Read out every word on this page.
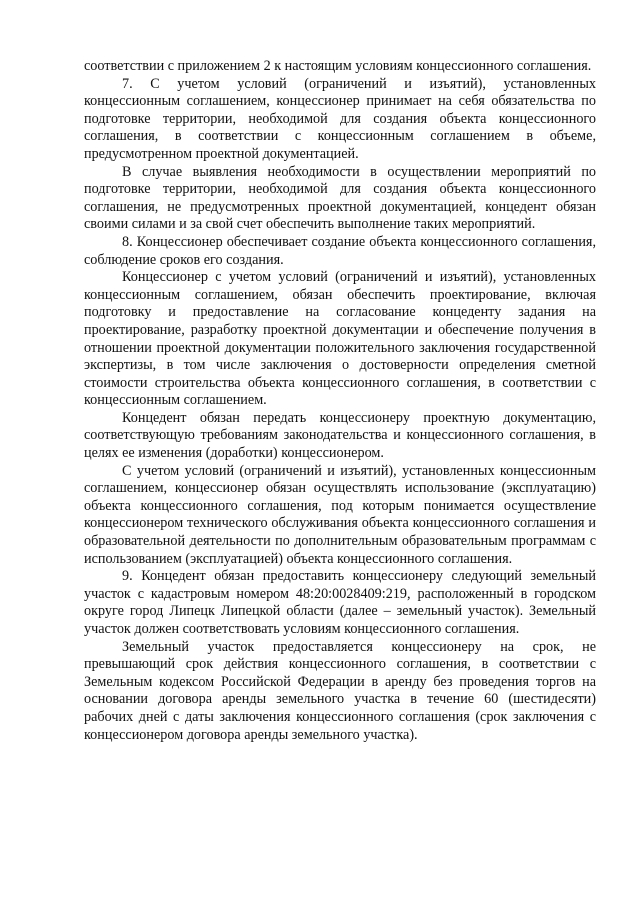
соответствии с приложением 2 к настоящим условиям концессионного соглашения.

7. С учетом условий (ограничений и изъятий), установленных концессионным соглашением, концессионер принимает на себя обязательства по подготовке территории, необходимой для создания объекта концессионного соглашения, в соответствии с концессионным соглашением в объеме, предусмотренном проектной документацией.

В случае выявления необходимости в осуществлении мероприятий по подготовке территории, необходимой для создания объекта концессионного соглашения, не предусмотренных проектной документацией, концедент обязан своими силами и за свой счет обеспечить выполнение таких мероприятий.

8. Концессионер обеспечивает создание объекта концессионного соглашения, соблюдение сроков его создания.

Концессионер с учетом условий (ограничений и изъятий), установленных концессионным соглашением, обязан обеспечить проектирование, включая подготовку и предоставление на согласование концеденту задания на проектирование, разработку проектной документации и обеспечение получения в отношении проектной документации положительного заключения государственной экспертизы, в том числе заключения о достоверности определения сметной стоимости строительства объекта концессионного соглашения, в соответствии с концессионным соглашением.

Концедент обязан передать концессионеру проектную документацию, соответствующую требованиям законодательства и концессионного соглашения, в целях ее изменения (доработки) концессионером.

С учетом условий (ограничений и изъятий), установленных концессионным соглашением, концессионер обязан осуществлять использование (эксплуатацию) объекта концессионного соглашения, под которым понимается осуществление концессионером технического обслуживания объекта концессионного соглашения и образовательной деятельности по дополнительным образовательным программам с использованием (эксплуатацией) объекта концессионного соглашения.

9. Концедент обязан предоставить концессионеру следующий земельный участок с кадастровым номером 48:20:0028409:219, расположенный в городском округе город Липецк Липецкой области (далее – земельный участок). Земельный участок должен соответствовать условиям концессионного соглашения.

Земельный участок предоставляется концессионеру на срок, не превышающий срок действия концессионного соглашения, в соответствии с Земельным кодексом Российской Федерации в аренду без проведения торгов на основании договора аренды земельного участка в течение 60 (шестидесяти) рабочих дней с даты заключения концессионного соглашения (срок заключения с концессионером договора аренды земельного участка).
